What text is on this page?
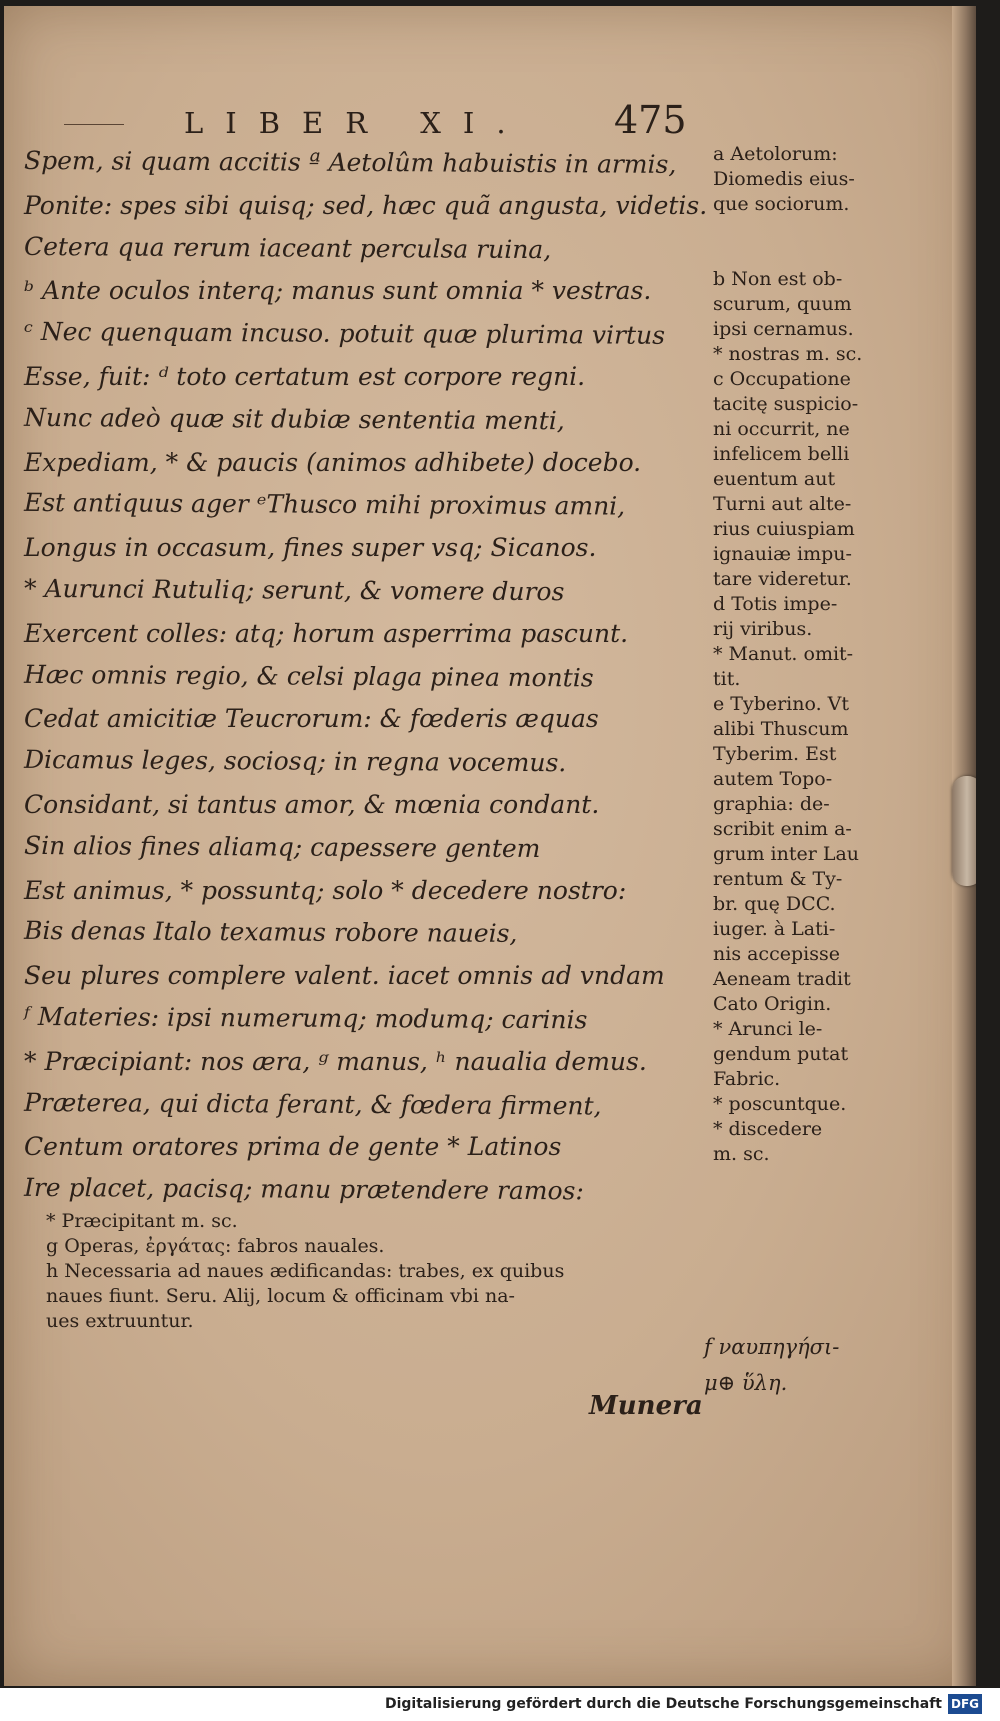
LIBER XI. 475
Spem, si quam accitis ª Aetolûm habuistis in armis,
Ponite: spes sibi quisq; sed, hæc quã angusta, videtis.
Cetera qua rerum iaceant perculsa ruina,
ᵇ Ante oculos interq; manus sunt omnia * vestras.
ᶜ Nec quenquam incuso. potuit quæ plurima virtus
Esse, fuit: ᵈ toto certatum est corpore regni.
Nunc adeò quæ sit dubiæ sententia menti,
Expediam, * & paucis (animos adhibete) docebo.
Est antiquus ager ᵉThusco mihi proximus amni,
Longus in occasum, fines super vsq; Sicanos.
* Aurunci Rutuliq; serunt, & vomere duros
Exercent colles: atq; horum asperrima pascunt.
Hæc omnis regio, & celsi plaga pinea montis
Cedat amicitiæ Teucrorum: & fœderis æquas
Dicamus leges, sociosq; in regna vocemus.
Considant, si tantus amor, & mœnia condant.
Sin alios fines aliamq; capessere gentem
Est animus, * possuntq; solo * decedere nostro:
Bis denas Italo texamus robore naueis,
Seu plures complere valent. iacet omnis ad vndam
ᶠ Materies: ipsi numerumq; modumq; carinis
* Præcipiant: nos æra, ᵍ manus, ʰ naualia demus.
Præterea, qui dicta ferant, & fœdera firment,
Centum oratores prima de gente * Latinos
Ire placet, pacisq; manu prætendere ramos:
* Præcipitant m. sc.
g Operas, ἐργάτας: fabros nauales.
h Necessaria ad naues ædificandas: trabes, ex quibus
naues fiunt. Seru. Alij, locum & officinam vbi na-
ues extruuntur.
Munera
a Aetolorum:
Diomedis eius-
que sociorum.
b Non est ob-
scurum, quum
ipsi cernamus.
* nostras m. sc.
c Occupatione
tacitę suspicio-
ni occurrit, ne
infelicem belli
euentum aut
Turni aut alte-
rius cuiuspiam
ignauiæ impu-
tare videretur.
d Totis impe-
rij viribus.
* Manut. omit-
tit.
e Tyberino. Vt
alibi Thuscum
Tyberim. Est
autem Topo-
graphia: de-
scribit enim a-
grum inter Lau
rentum & Ty-
br. quę DCC.
iuger. à Lati-
nis accepisse
Aeneam tradit
Cato Origin.
* Arunci le-
gendum putat
Fabric.
* poscuntque.
* discedere
m. sc.
f ναυπηγήσι-
μ⊕ ὕλη.
Digitalisierung gefördert durch die Deutsche Forschungsgemeinschaft DFG
